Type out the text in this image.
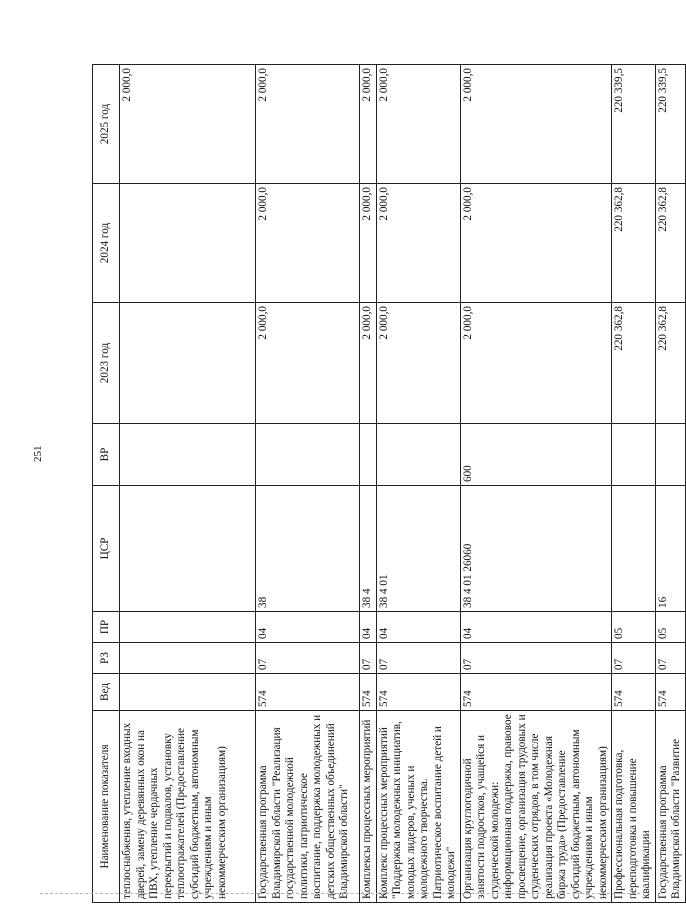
251
Наименование показателя	Вед	РЗ	ПР	ЦСР	ВР	2023 год	2024 год	2025 год
теплоснабжения, утепление входных дверей, замену деревянных окон на ПВХ, утепление чердачных перекрытий и подвалов, установку теплоотражателей (Предоставление субсидий бюджетным, автономным учреждениям и иным некоммерческим организациям)								2 000,0
Государственная программа Владимирской области "Реализация государственной молодежной политики, патриотическое воспитание, поддержка молодежных и детских общественных объединений Владимирской области"	574	07	04	38		2 000,0	2 000,0	2 000,0
Комплексы процессных мероприятий	574	07	04	38 4		2 000,0	2 000,0	2 000,0
Комплекс процессных мероприятий "Поддержка молодежных инициатив, молодых лидеров, ученых и молодежного творчества. Патриотическое воспитание детей и молодежи"	574	07	04	38 4 01		2 000,0	2 000,0	2 000,0
Организация круглогодичной занятости подростков, учащейся и студенческой молодежи: информационная поддержка, правовое просвещение, организация трудовых и студенческих отрядов, в том числе реализация проекта «Молодежная биржа труда» (Предоставление субсидий бюджетным, автономным учреждениям и иным некоммерческим организациям)	574	07	04	38 4 01 26060	600	2 000,0	2 000,0	2 000,0
Профессиональная подготовка, переподготовка и повышение квалификации	574	07	05			220 362,8	220 362,8	220 339,5
Государственная программа Владимирской области "Развитие	574	07	05	16		220 362,8	220 362,8	220 339,5
